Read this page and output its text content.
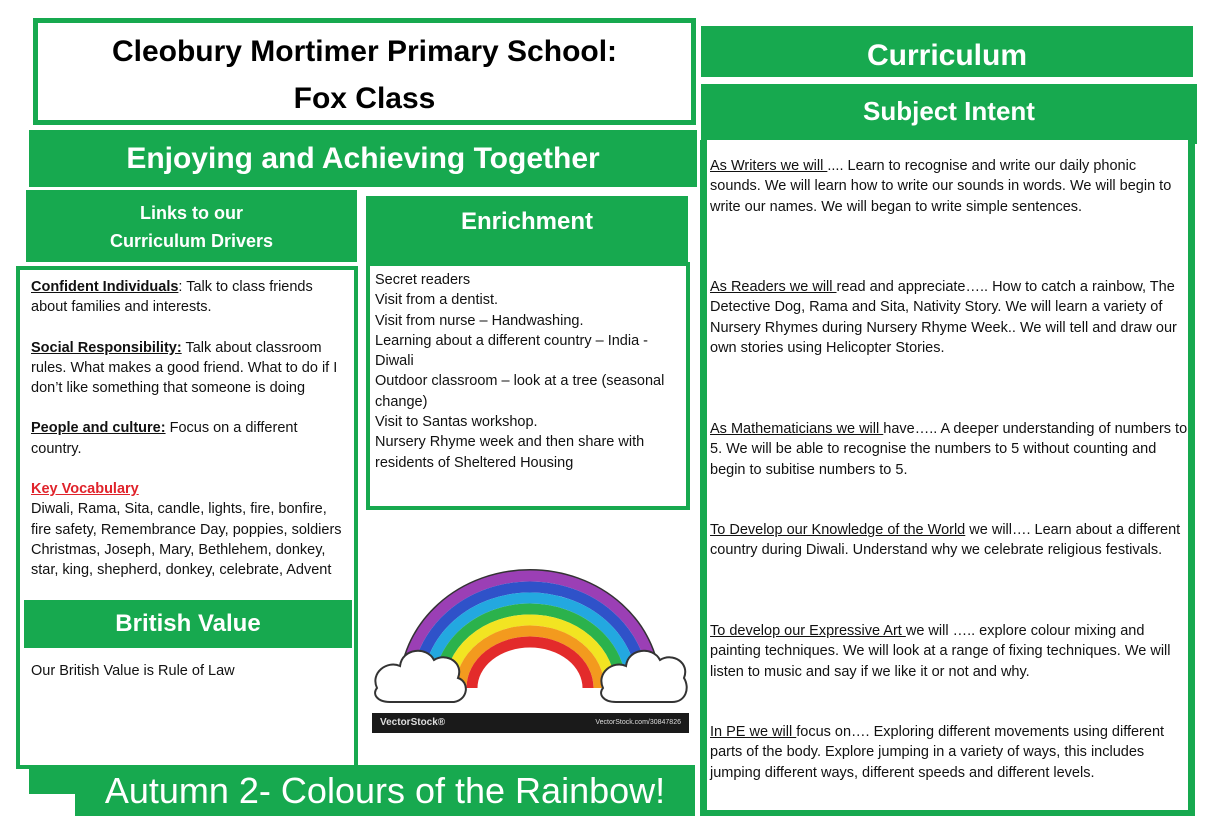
Cleobury Mortimer Primary School:
Fox Class
Enjoying and Achieving Together
Links to our
Curriculum Drivers
Enrichment
Confident Individuals: Talk to class friends about families and interests.
Social Responsibility: Talk about classroom rules. What makes a good friend. What to do if I don’t like something that someone is doing
People and culture: Focus on a different country.
Key Vocabulary
Diwali, Rama, Sita, candle, lights, fire, bonfire, fire safety, Remembrance Day, poppies, soldiers Christmas, Joseph, Mary, Bethlehem, donkey, star, king, shepherd, donkey, celebrate, Advent
British Value
Our British Value is Rule of Law
Secret readers
Visit from a dentist.
Visit from nurse – Handwashing.
Learning about a different country – India - Diwali
Outdoor classroom – look at a tree (seasonal change)
Visit to Santas workshop.
Nursery Rhyme week and then share with residents of Sheltered Housing
VectorStock®	VectorStock.com/30847826
Autumn 2- Colours of the Rainbow!
Curriculum
Subject Intent
As Writers we will .... Learn to recognise and write our daily phonic sounds. We will learn how to write our sounds in words. We will begin to write our names. We will began to write simple sentences.
As Readers we will read and appreciate….. How to catch a rainbow, The Detective Dog, Rama and Sita, Nativity Story. We will learn a variety of Nursery Rhymes during Nursery Rhyme Week.. We will tell and draw our own stories using Helicopter Stories.
As Mathematicians we will have….. A deeper understanding of numbers to 5. We will be able to recognise the numbers to 5 without counting and begin to subitise numbers to 5.
To Develop our Knowledge of the World we will…. Learn about a different country during Diwali. Understand why we celebrate religious festivals.
To develop our Expressive Art we will ….. explore colour mixing and painting techniques. We will look at a range of fixing techniques. We will listen to music and say if we like it or not and why.
In PE we will focus on…. Exploring different movements using different parts of the body. Explore jumping in a variety of ways, this includes jumping different ways, different speeds and different levels.
